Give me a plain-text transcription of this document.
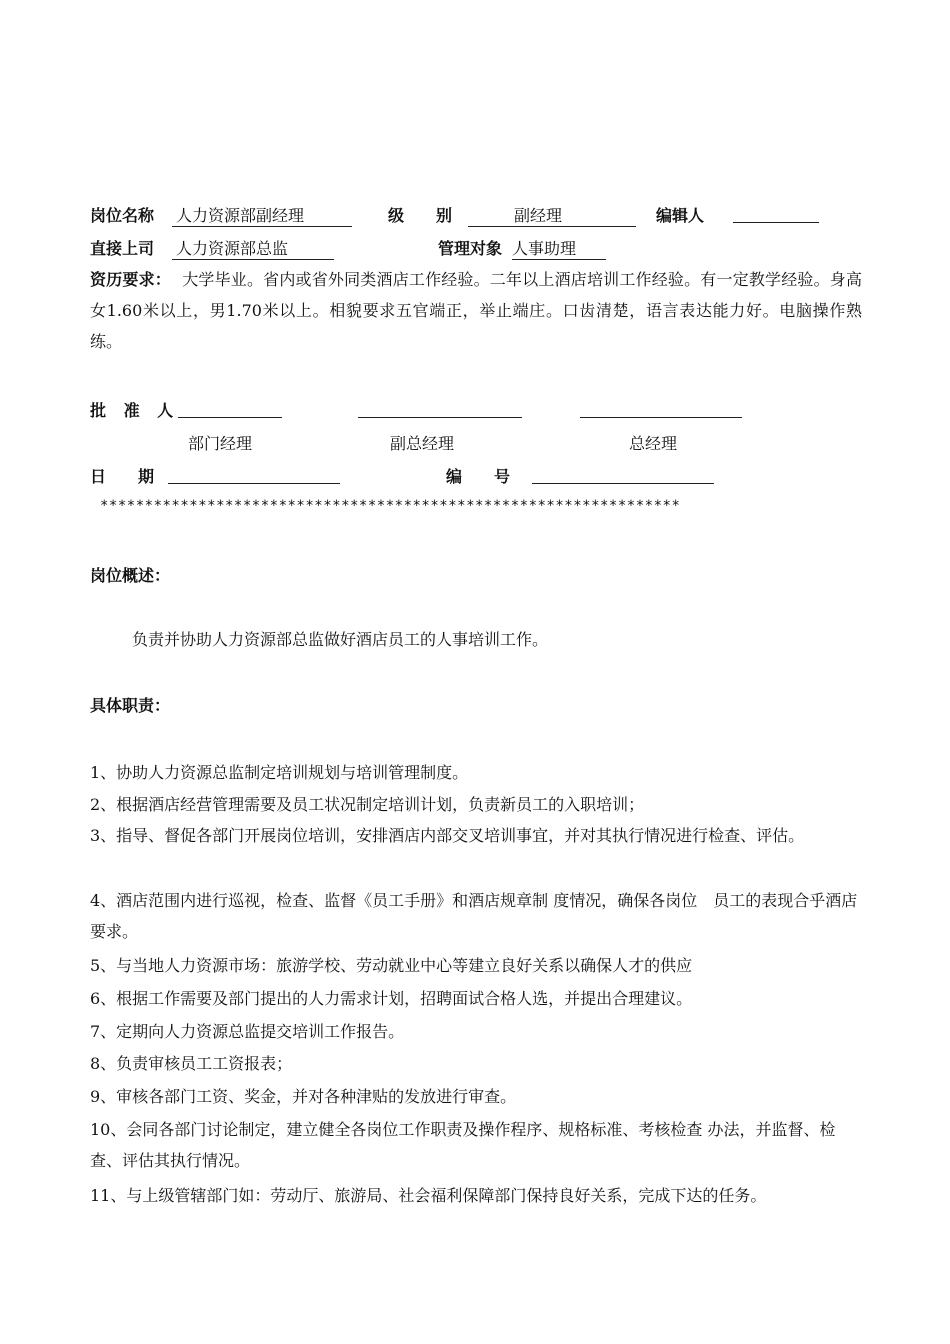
岗位名称 人力资源部副经理	级　　别	副经理	编辑人
直接上司 人力资源部总监	管理对象 人事助理
资历要求： 大学毕业。省内或省外同类酒店工作经验。二年以上酒店培训工作经验。有一定教学经验。身高女1.60米以上，男1.70米以上。相貌要求五官端正，举止端庄。口齿清楚，语言表达能力好。电脑操作熟练。
批 准 人
部门经理	副总经理	总经理
日　　期	编　　号
*****************************************************************
岗位概述：
负责并协助人力资源部总监做好酒店员工的人事培训工作。
具体职责：
1、协助人力资源总监制定培训规划与培训管理制度。
2、根据酒店经营管理需要及员工状况制定培训计划，负责新员工的入职培训；
3、指导、督促各部门开展岗位培训，安排酒店内部交叉培训事宜，并对其执行情况进行检查、评估。
4、酒店范围内进行巡视，检查、监督《员工手册》和酒店规章制 度情况，确保各岗位　员工的表现合乎酒店要求。
5、与当地人力资源市场：旅游学校、劳动就业中心等建立良好关系以确保人才的供应
6、根据工作需要及部门提出的人力需求计划，招聘面试合格人选，并提出合理建议。
7、定期向人力资源总监提交培训工作报告。
8、负责审核员工工资报表；
9、审核各部门工资、奖金，并对各种津贴的发放进行审查。
10、会同各部门讨论制定，建立健全各岗位工作职责及操作程序、规格标准、考核检查 办法，并监督、检查、评估其执行情况。
11、与上级管辖部门如：劳动厅、旅游局、社会福利保障部门保持良好关系，完成下达的任务。
